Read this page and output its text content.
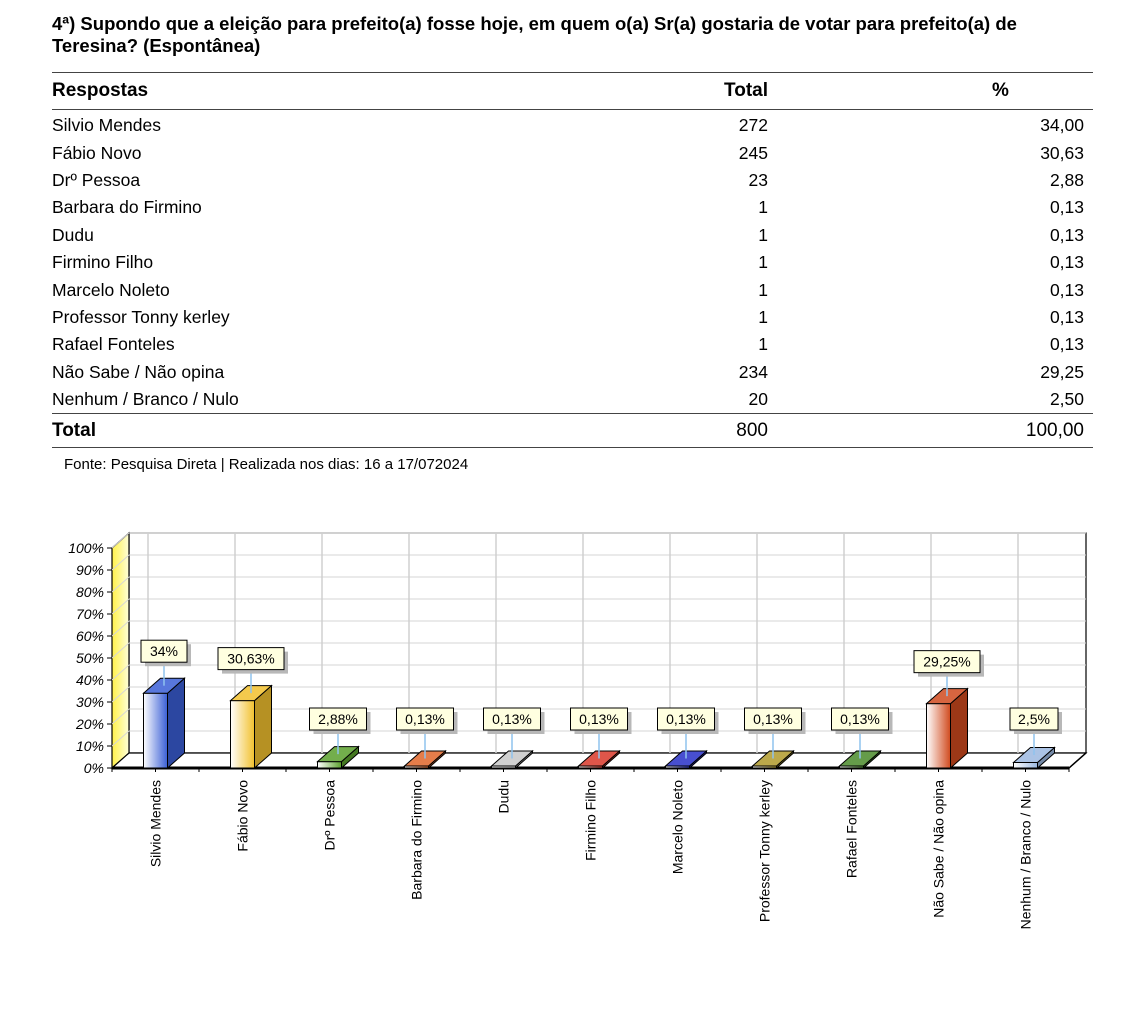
4ª) Supondo que a eleição para prefeito(a) fosse hoje, em quem o(a) Sr(a) gostaria de votar para prefeito(a) de Teresina? (Espontânea)
Respostas	Total	%
Silvio Mendes	272	34,00
Fábio Novo	245	30,63
Drº Pessoa	23	2,88
Barbara do Firmino	1	0,13
Dudu	1	0,13
Firmino Filho	1	0,13
Marcelo Noleto	1	0,13
Professor Tonny kerley	1	0,13
Rafael Fonteles	1	0,13
Não Sabe / Não opina	234	29,25
Nenhum / Branco / Nulo	20	2,50
Total	800	100,00
Fonte: Pesquisa Direta | Realizada nos dias: 16 a 17/072024
0%
10%
20%
30%
40%
50%
60%
70%
80%
90%
100%
34%
Silvio Mendes
30,63%
Fábio Novo
2,88%
Drº Pessoa
0,13%
Barbara do Firmino
0,13%
Dudu
0,13%
Firmino Filho
0,13%
Marcelo Noleto
0,13%
Professor Tonny kerley
0,13%
Rafael Fonteles
29,25%
Não Sabe / Não opina
2,5%
Nenhum / Branco / Nulo
